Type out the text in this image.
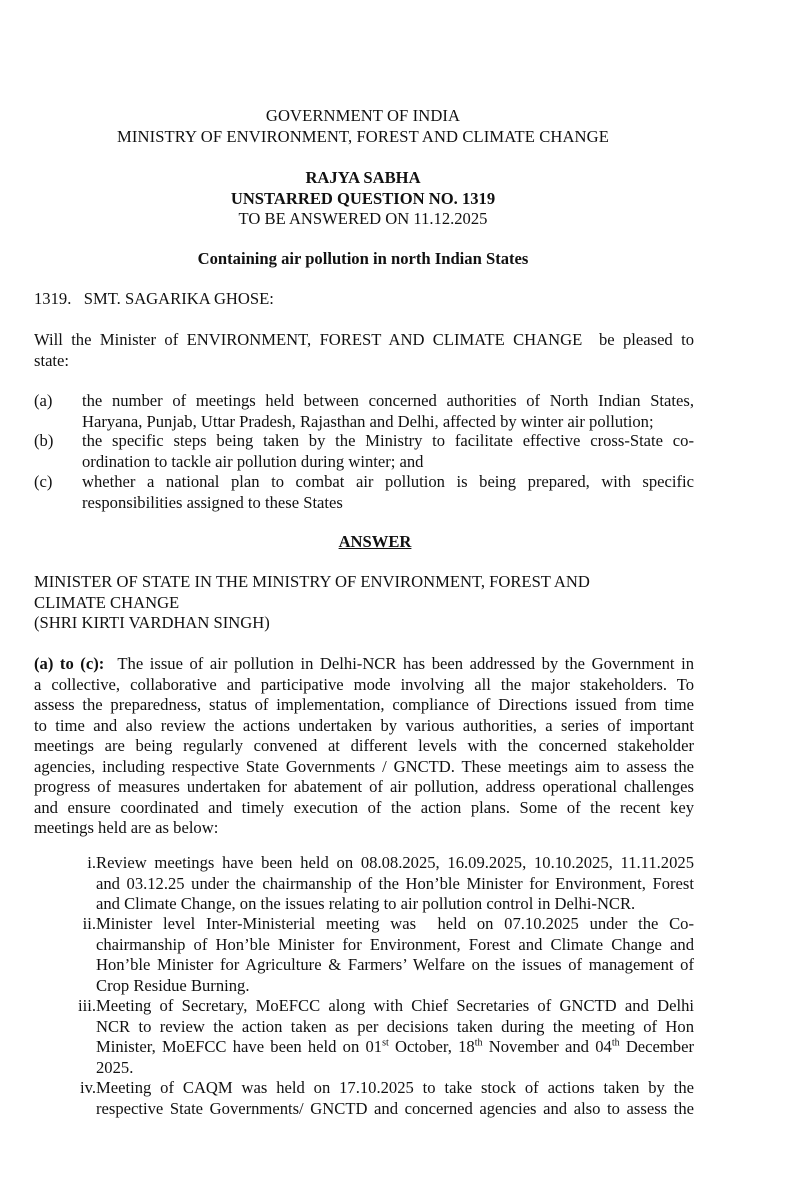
GOVERNMENT OF INDIA
MINISTRY OF ENVIRONMENT, FOREST AND CLIMATE CHANGE
RAJYA SABHA
UNSTARRED QUESTION NO. 1319
TO BE ANSWERED ON 11.12.2025
Containing air pollution in north Indian States
1319.   SMT. SAGARIKA GHOSE:
Will the Minister of ENVIRONMENT, FOREST AND CLIMATE CHANGE  be pleased to
state:
(a)	the number of meetings held between concerned authorities of North Indian States,
Haryana, Punjab, Uttar Pradesh, Rajasthan and Delhi, affected by winter air pollution;
(b)	the specific steps being taken by the Ministry to facilitate effective cross-State co-
ordination to tackle air pollution during winter; and
(c)	whether a national plan to combat air pollution is being prepared, with specific
responsibilities assigned to these States
ANSWER
MINISTER OF STATE IN THE MINISTRY OF ENVIRONMENT, FOREST AND
CLIMATE CHANGE
(SHRI KIRTI VARDHAN SINGH)
(a) to (c): The issue of air pollution in Delhi-NCR has been addressed by the Government in
a collective, collaborative and participative mode involving all the major stakeholders. To
assess the preparedness, status of implementation, compliance of Directions issued from time
to time and also review the actions undertaken by various authorities, a series of important
meetings are being regularly convened at different levels with the concerned stakeholder
agencies, including respective State Governments / GNCTD. These meetings aim to assess the
progress of measures undertaken for abatement of air pollution, address operational challenges
and ensure coordinated and timely execution of the action plans. Some of the recent key
meetings held are as below:
i. Review meetings have been held on 08.08.2025, 16.09.2025, 10.10.2025, 11.11.2025
and 03.12.25 under the chairmanship of the Hon’ble Minister for Environment, Forest
and Climate Change, on the issues relating to air pollution control in Delhi-NCR.
ii. Minister level Inter-Ministerial meeting was  held on 07.10.2025 under the Co-
chairmanship of Hon’ble Minister for Environment, Forest and Climate Change and
Hon’ble Minister for Agriculture & Farmers’ Welfare on the issues of management of
Crop Residue Burning.
iii. Meeting of Secretary, MoEFCC along with Chief Secretaries of GNCTD and Delhi
NCR to review the action taken as per decisions taken during the meeting of Hon
Minister, MoEFCC have been held on 01st October, 18th November and 04th December
2025.
iv. Meeting of CAQM was held on 17.10.2025 to take stock of actions taken by the
respective State Governments/ GNCTD and concerned agencies and also to assess the
